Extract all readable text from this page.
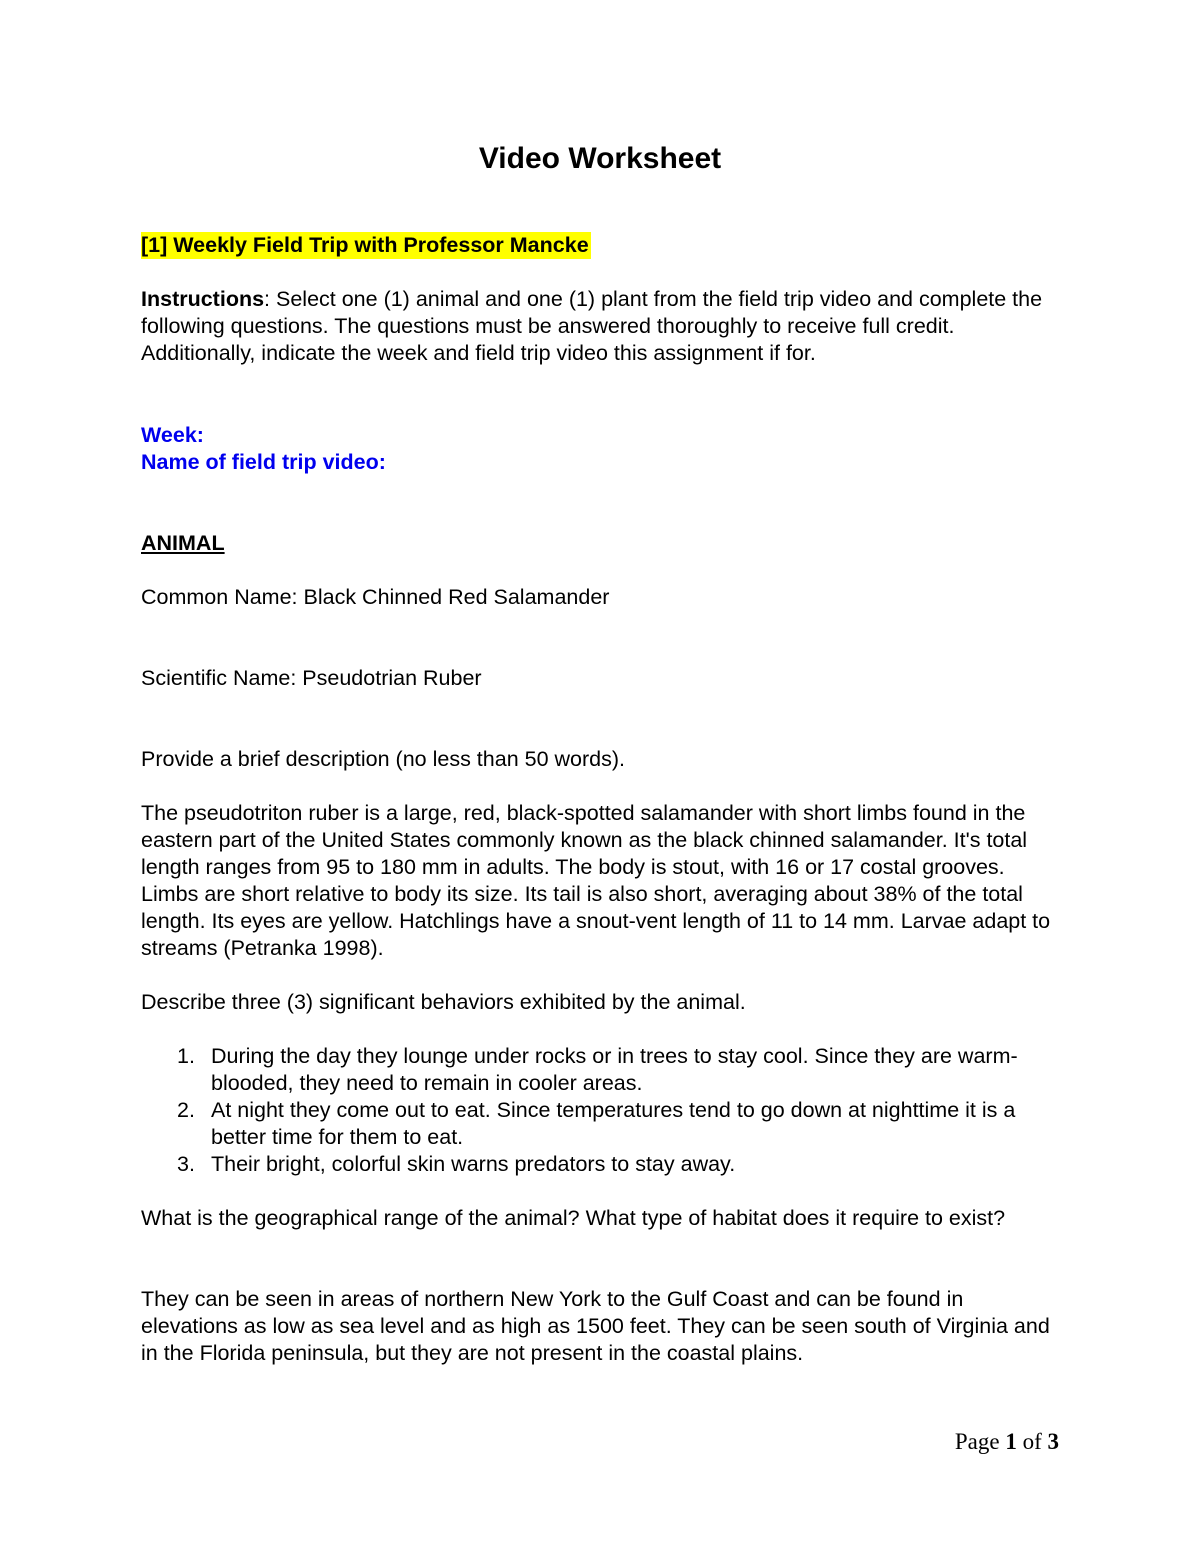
Video Worksheet
[1] Weekly Field Trip with Professor Mancke
Instructions: Select one (1) animal and one (1) plant from the field trip video and complete the following questions. The questions must be answered thoroughly to receive full credit. Additionally, indicate the week and field trip video this assignment if for.
Week:
Name of field trip video:
ANIMAL
Common Name: Black Chinned Red Salamander
Scientific Name: Pseudotrian Ruber
Provide a brief description (no less than 50 words).
The pseudotriton ruber is a large, red, black-spotted salamander with short limbs found in the eastern part of the United States commonly known as the black chinned salamander. It's total length ranges from 95 to 180 mm in adults. The body is stout, with 16 or 17 costal grooves. Limbs are short relative to body its size. Its tail is also short, averaging about 38% of the total length. Its eyes are yellow. Hatchlings have a snout-vent length of 11 to 14 mm. Larvae adapt to streams (Petranka 1998).
Describe three (3) significant behaviors exhibited by the animal.
1. During the day they lounge under rocks or in trees to stay cool. Since they are warm-blooded, they need to remain in cooler areas.
2. At night they come out to eat. Since temperatures tend to go down at nighttime it is a better time for them to eat.
3. Their bright, colorful skin warns predators to stay away.
What is the geographical range of the animal? What type of habitat does it require to exist?
They can be seen in areas of northern New York to the Gulf Coast and can be found in elevations as low as sea level and as high as 1500 feet. They can be seen south of Virginia and in the Florida peninsula, but they are not present in the coastal plains.
Page 1 of 3
